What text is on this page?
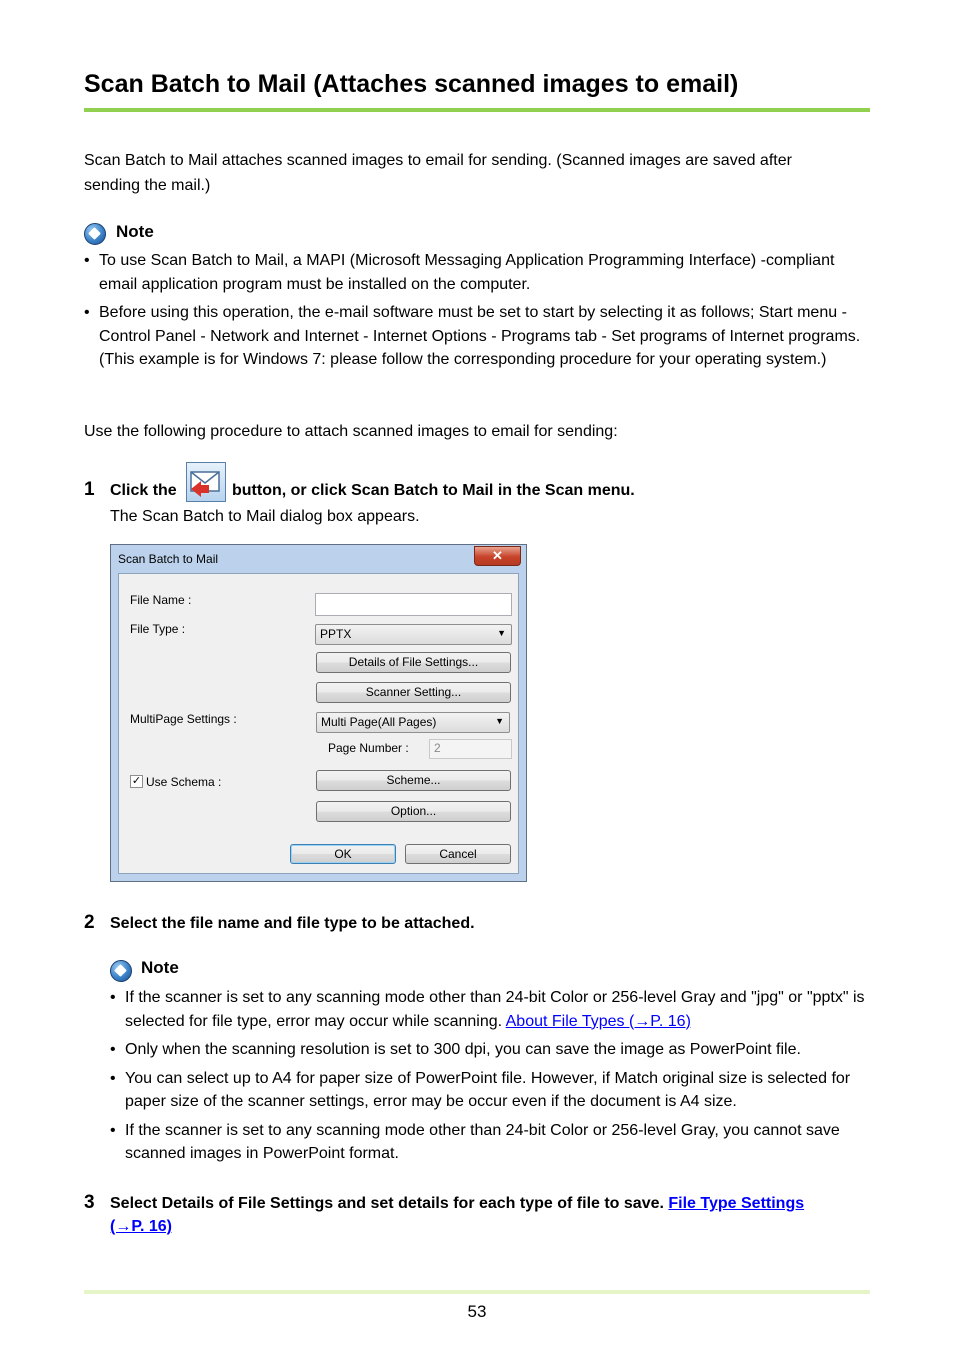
Scan Batch to Mail (Attaches scanned images to email)
Scan Batch to Mail attaches scanned images to email for sending. (Scanned images are saved after
sending the mail.)
Note
• To use Scan Batch to Mail, a MAPI (Microsoft Messaging Application Programming Interface) -compliant email application program must be installed on the computer.
• Before using this operation, the e-mail software must be set to start by selecting it as follows; Start menu - Control Panel - Network and Internet - Internet Options - Programs tab - Set programs of Internet programs. (This example is for Windows 7: please follow the corresponding procedure for your operating system.)
Use the following procedure to attach scanned images to email for sending:
1 Click the	button, or click Scan Batch to Mail in the Scan menu.
The Scan Batch to Mail dialog box appears.
Scan Batch to Mail	✕
File Name :
File Type :	PPTX	▼
Details of File Settings...
Scanner Setting...
MultiPage Settings :	Multi Page(All Pages)	▼
Page Number :	2
✓ Use Schema :	Scheme...
Option...
OK	Cancel
2 Select the file name and file type to be attached.
Note
• If the scanner is set to any scanning mode other than 24-bit Color or 256-level Gray and "jpg" or "pptx" is selected for file type, error may occur while scanning. About File Types (→P. 16)
• Only when the scanning resolution is set to 300 dpi, you can save the image as PowerPoint file.
• You can select up to A4 for paper size of PowerPoint file. However, if Match original size is selected for paper size of the scanner settings, error may be occur even if the document is A4 size.
• If the scanner is set to any scanning mode other than 24-bit Color or 256-level Gray, you cannot save scanned images in PowerPoint format.
3 Select Details of File Settings and set details for each type of file to save. File Type Settings
(→P. 16)
53
